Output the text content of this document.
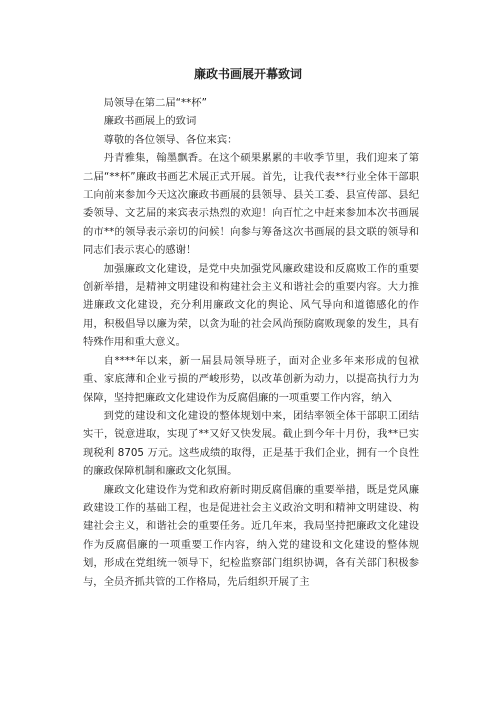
廉政书画展开幕致词

局领导在第二届“**杯”

廉政书画展上的致词

尊敬的各位领导、各位来宾：

丹青雅集，翰墨飘香。在这个硕果累累的丰收季节里，我们迎来了第二届“**杯”廉政书画艺术展正式开展。首先，让我代表**行业全体干部职工向前来参加今天这次廉政书画展的县领导、县关工委、县宣传部、县纪委领导、文艺届的来宾表示热烈的欢迎！向百忙之中赶来参加本次书画展的市**的领导表示亲切的问候！向参与筹备这次书画展的县文联的领导和同志们表示衷心的感谢！

加强廉政文化建设，是党中央加强党风廉政建设和反腐败工作的重要创新举措，是精神文明建设和构建社会主义和谐社会的重要内容。大力推进廉政文化建设，充分利用廉政文化的舆论、风气导向和道德感化的作用，积极倡导以廉为荣，以贪为耻的社会风尚预防腐败现象的发生，具有特殊作用和重大意义。

自****年以来，新一届县局领导班子，面对企业多年来形成的包袱重、家底薄和企业亏损的严峻形势，以改革创新为动力，以提高执行力为保障，坚持把廉政文化建设作为反腐倡廉的一项重要工作内容，纳入

到党的建设和文化建设的整体规划中来，团结率领全体干部职工团结实干，锐意进取，实现了**又好又快发展。截止到今年十月份，我**已实现税利 8705 万元。这些成绩的取得，正是基于我们企业，拥有一个良性的廉政保障机制和廉政文化氛围。

廉政文化建设作为党和政府新时期反腐倡廉的重要举措，既是党风廉政建设工作的基础工程，也是促进社会主义政治文明和精神文明建设、构建社会主义，和谐社会的重要任务。近几年来，我局坚持把廉政文化建设作为反腐倡廉的一项重要工作内容，纳入党的建设和文化建设的整体规划，形成在党组统一领导下，纪检监察部门组织协调，各有关部门积极参与，全员齐抓共管的工作格局，先后组织开展了主
